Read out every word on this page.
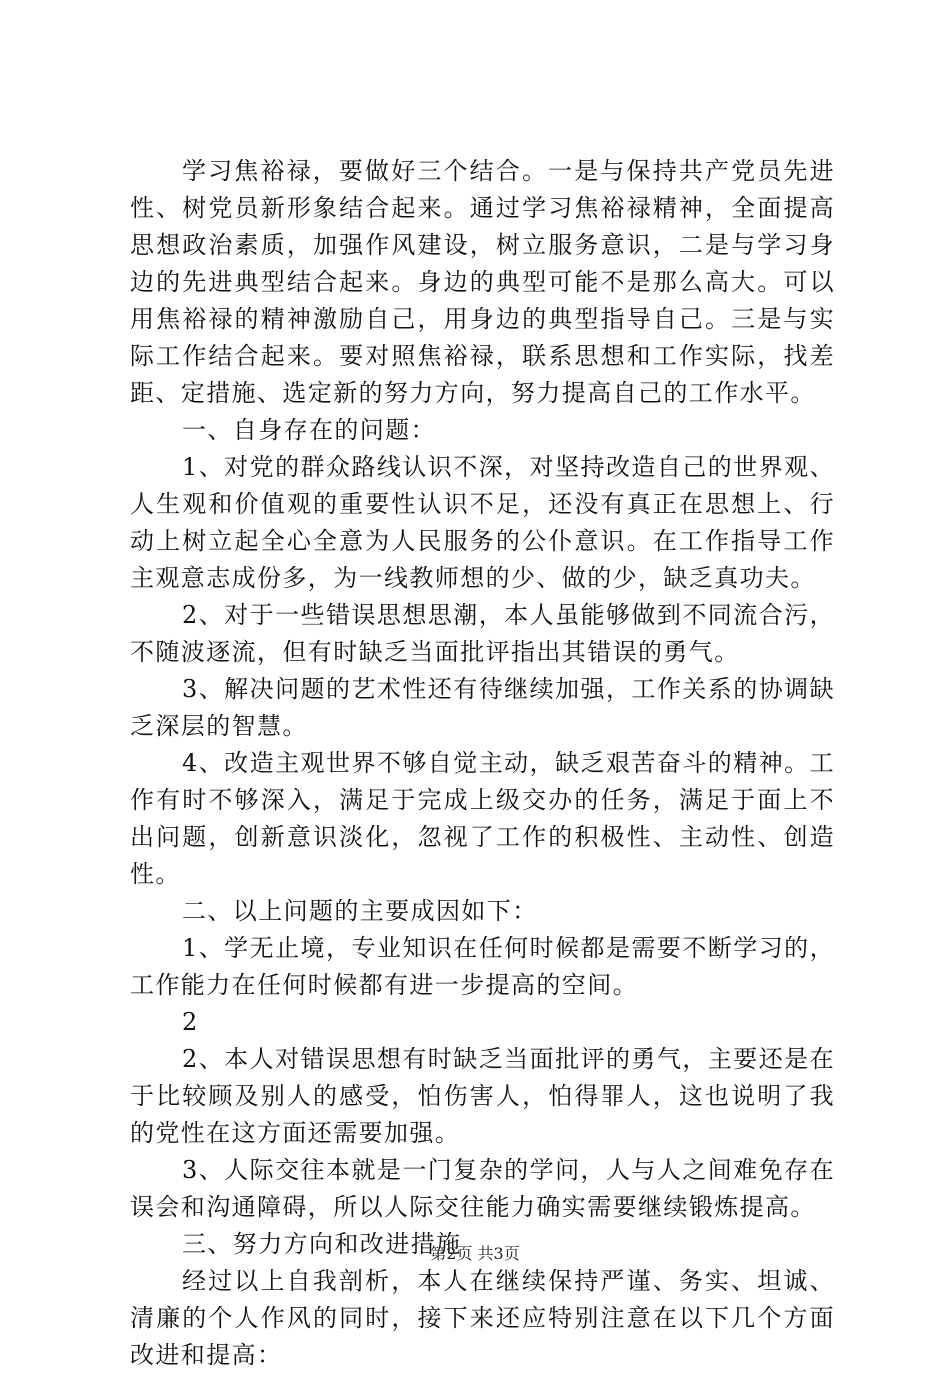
学习焦裕禄，要做好三个结合。一是与保持共产党员先进性、树党员新形象结合起来。通过学习焦裕禄精神，全面提高思想政治素质，加强作风建设，树立服务意识，二是与学习身边的先进典型结合起来。身边的典型可能不是那么高大。可以用焦裕禄的精神激励自己，用身边的典型指导自己。三是与实际工作结合起来。要对照焦裕禄，联系思想和工作实际，找差距、定措施、选定新的努力方向，努力提高自己的工作水平。

一、自身存在的问题：

1、对党的群众路线认识不深，对坚持改造自己的世界观、人生观和价值观的重要性认识不足，还没有真正在思想上、行动上树立起全心全意为人民服务的公仆意识。在工作指导工作主观意志成份多，为一线教师想的少、做的少，缺乏真功夫。

2、对于一些错误思想思潮，本人虽能够做到不同流合污，不随波逐流，但有时缺乏当面批评指出其错误的勇气。

3、解决问题的艺术性还有待继续加强，工作关系的协调缺乏深层的智慧。

4、改造主观世界不够自觉主动，缺乏艰苦奋斗的精神。工作有时不够深入，满足于完成上级交办的任务，满足于面上不出问题，创新意识淡化，忽视了工作的积极性、主动性、创造性。

二、以上问题的主要成因如下：

1、学无止境，专业知识在任何时候都是需要不断学习的，工作能力在任何时候都有进一步提高的空间。

2

2、本人对错误思想有时缺乏当面批评的勇气，主要还是在于比较顾及别人的感受，怕伤害人，怕得罪人，这也说明了我的党性在这方面还需要加强。

3、人际交往本就是一门复杂的学问，人与人之间难免存在误会和沟通障碍，所以人际交往能力确实需要继续锻炼提高。

三、努力方向和改进措施

经过以上自我剖析，本人在继续保持严谨、务实、坦诚、清廉的个人作风的同时，接下来还应特别注意在以下几个方面改进和提高：

第2页 共3页
